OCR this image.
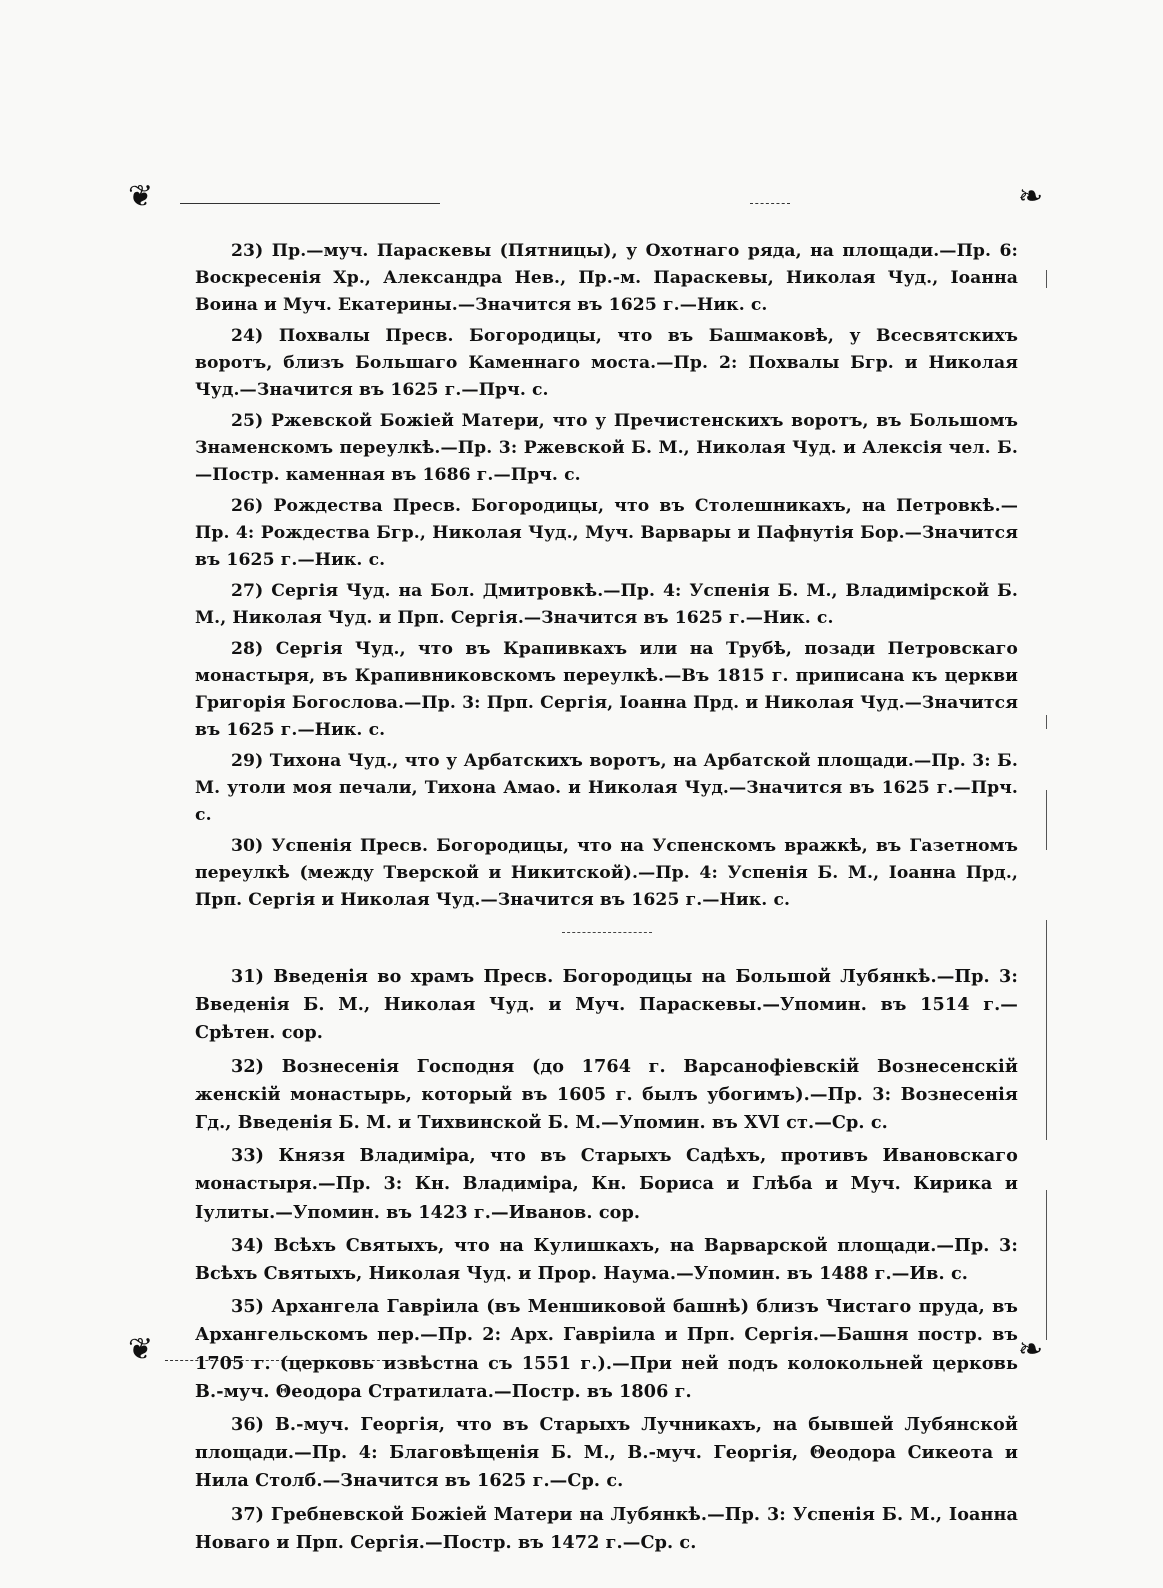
❦	❧
❦	❧

23) Пр.—муч. Параскевы (Пятницы), у Охотнаго ряда, на площади.—Пр. 6: Воскресенія Хр., Александра Нев., Пр.-м. Параскевы, Николая Чуд., Іоанна Воина и Муч. Екатерины.—Значится въ 1625 г.—Ник. с.

24) Похвалы Пресв. Богородицы, что въ Башмаковѣ, у Всесвятскихъ воротъ, близъ Большаго Каменнаго моста.—Пр. 2: Похвалы Бгр. и Николая Чуд.—Значится въ 1625 г.—Прч. с.

25) Ржевской Божіей Матери, что у Пречистенскихъ воротъ, въ Большомъ Знаменскомъ переулкѣ.—Пр. 3: Ржевской Б. М., Николая Чуд. и Алексія чел. Б.—Постр. каменная въ 1686 г.—Прч. с.

26) Рождества Пресв. Богородицы, что въ Столешникахъ, на Петровкѣ.—Пр. 4: Рождества Бгр., Николая Чуд., Муч. Варвары и Пафнутія Бор.—Значится въ 1625 г.—Ник. с.

27) Сергія Чуд. на Бол. Дмитровкѣ.—Пр. 4: Успенія Б. М., Владимірской Б. М., Николая Чуд. и Прп. Сергія.—Значится въ 1625 г.—Ник. с.

28) Сергія Чуд., что въ Крапивкахъ или на Трубѣ, позади Петровскаго монастыря, въ Крапивниковскомъ переулкѣ.—Въ 1815 г. приписана къ церкви Григорія Богослова.—Пр. 3: Прп. Сергія, Іоанна Прд. и Николая Чуд.—Значится въ 1625 г.—Ник. с.

29) Тихона Чуд., что у Арбатскихъ воротъ, на Арбатской площади.—Пр. 3: Б. М. утоли моя печали, Тихона Амао. и Николая Чуд.—Значится въ 1625 г.—Прч. с.

30) Успенія Пресв. Богородицы, что на Успенскомъ вражкѣ, въ Газетномъ переулкѣ (между Тверской и Никитской).—Пр. 4: Успенія Б. М., Іоанна Прд., Прп. Сергія и Николая Чуд.—Значится въ 1625 г.—Ник. с.

31) Введенія во храмъ Пресв. Богородицы на Большой Лубянкѣ.—Пр. 3: Введенія Б. М., Николая Чуд. и Муч. Параскевы.—Упомин. въ 1514 г.—Срѣтен. сор.

32) Вознесенія Господня (до 1764 г. Варсанофіевскій Вознесенскій женскій монастырь, который въ 1605 г. былъ убогимъ).—Пр. 3: Вознесенія Гд., Введенія Б. М. и Тихвинской Б. М.—Упомин. въ XVI ст.—Ср. с.

33) Князя Владиміра, что въ Старыхъ Садѣхъ, противъ Ивановскаго монастыря.—Пр. 3: Кн. Владиміра, Кн. Бориса и Глѣба и Муч. Кирика и Іулиты.—Упомин. въ 1423 г.—Иванов. сор.

34) Всѣхъ Святыхъ, что на Кулишкахъ, на Варварской площади.—Пр. 3: Всѣхъ Святыхъ, Николая Чуд. и Прор. Наума.—Упомин. въ 1488 г.—Ив. с.

35) Архангела Гавріила (въ Меншиковой башнѣ) близъ Чистаго пруда, въ Архангельскомъ пер.—Пр. 2: Арх. Гавріила и Прп. Сергія.—Башня постр. въ 1705 г. (церковь извѣстна съ 1551 г.).—При ней подъ колокольней церковь В.-муч. Θеодора Стратилата.—Постр. въ 1806 г.

36) В.-муч. Георгія, что въ Старыхъ Лучникахъ, на бывшей Лубянской площади.—Пр. 4: Благовѣщенія Б. М., В.-муч. Георгія, Θеодора Сикеота и Нила Столб.—Значится въ 1625 г.—Ср. с.

37) Гребневской Божіей Матери на Лубянкѣ.—Пр. 3: Успенія Б. М., Іоанна Новаго и Прп. Сергія.—Постр. въ 1472 г.—Ср. с.
